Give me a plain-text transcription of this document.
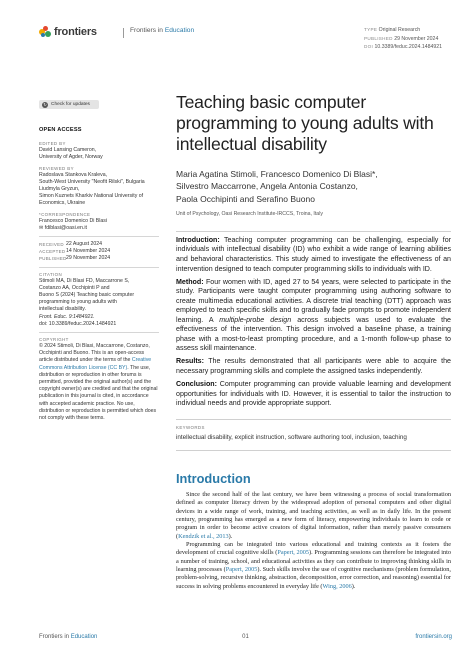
frontiers	Frontiers in Education	TYPE Original Research
PUBLISHED 29 November 2024
DOI 10.3389/feduc.2024.1484921
↻ Check for updates
OPEN ACCESS
EDITED BY
David Lansing Cameron,
University of Agder, Norway
REVIEWED BY
Radoslava Stankova Kraleva,
South-West University "Neofit Rilski", Bulgaria
Liudmyla Gryzun,
Simon Kuznets Kharkiv National University of
Economics, Ukraine
*CORRESPONDENCE
Francesco Domenico Di Blasi
✉ fdiblasi@oasi.en.it
RECEIVED 22 August 2024
ACCEPTED 14 November 2024
PUBLISHED 29 November 2024
CITATION
Stimoli MA, Di Blasi FD, Maccarrone S,
Costanzo AA, Occhipinti P and
Buono S (2024) Teaching basic computer
programming to young adults with
intellectual disability.
Front. Educ. 9:1484921.
doi: 10.3389/feduc.2024.1484921
COPYRIGHT
© 2024 Stimoli, Di Blasi, Maccarrone, Costanzo, Occhipinti and Buono. This is an open-access article distributed under the terms of the Creative Commons Attribution License (CC BY). The use, distribution or reproduction in other forums is permitted, provided the original author(s) and the copyright owner(s) are credited and that the original publication in this journal is cited, in accordance with accepted academic practice. No use, distribution or reproduction is permitted which does not comply with these terms.
Teaching basic computer programming to young adults with intellectual disability
Maria Agatina Stimoli, Francesco Domenico Di Blasi*,
Silvestro Maccarrone, Angela Antonia Costanzo,
Paola Occhipinti and Serafino Buono
Unit of Psychology, Oasi Research Institute-IRCCS, Troina, Italy

Introduction: Teaching computer programming can be challenging, especially for individuals with intellectual disability (ID) who exhibit a wide range of learning abilities and behavioral characteristics. This study aimed to investigate the effectiveness of an intervention designed to teach computer programming skills to individuals with ID.

Method: Four women with ID, aged 27 to 54 years, were selected to participate in the study. Participants were taught computer programming using authoring software to create multimedia educational activities. A discrete trial teaching (DTT) approach was employed to teach specific skills and to gradually fade prompts to promote independent learning. A multiple-probe design across subjects was used to evaluate the effectiveness of the intervention. This design involved a baseline phase, a training phase with a most-to-least prompting procedure, and a 1-month follow-up phase to assess skill maintenance.

Results: The results demonstrated that all participants were able to acquire the necessary programming skills and complete the assigned tasks independently.

Conclusion: Computer programming can provide valuable learning and development opportunities for individuals with ID. However, it is essential to tailor the instruction to individual needs and provide appropriate support.

KEYWORDS
intellectual disability, explicit instruction, software authoring tool, inclusion, teaching
Introduction

Since the second half of the last century, we have been witnessing a process of social transformation defined as computer literacy driven by the widespread adoption of personal computers and other digital devices in a wide range of work, training, and teaching activities, as well as in daily life. In the present century, programming has emerged as a new form of literacy, empowering individuals to learn to code or program in order to become active creators of digital information, rather than merely passive consumers (Kendzik et al., 2013).

Programming can be integrated into various educational and training contexts as it fosters the development of crucial cognitive skills (Papert, 2005). Programming sessions can therefore be integrated into a number of training, school, and educational activities as they can contribute to improving thinking skills in learning processes (Papert, 2005). Such skills involve the use of cognitive mechanisms (problem formulation, problem-solving, recursive thinking, abstraction, decomposition, error correction, and reasoning) essential for success in solving problems encountered in everyday life (Wing, 2006).

Frontiers in Education	01	frontiersin.org
